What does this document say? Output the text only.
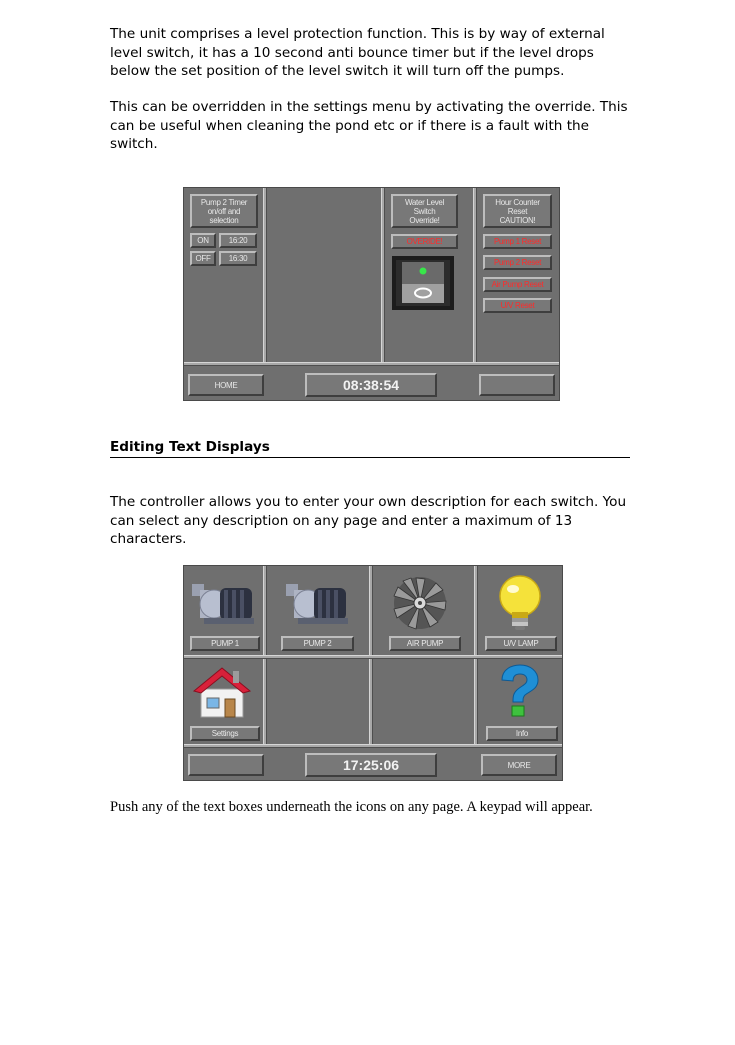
The unit comprises a level protection function. This is by way of external level switch, it has a 10 second anti bounce timer but if the level drops below the set position of the level switch it will turn off the pumps.

This can be overridden in the settings menu by activating the override. This can be useful when cleaning the pond etc or if there is a fault with the switch.

Pump 2 Timer
on/off and
selection
ON	16:20
OFF	16:30
Water Level
Switch
Override!
OVERIDE!
Hour Counter
Reset
CAUTION!
Pump 1 Reset
Pump 2 Reset
Air Pump Reset
U/V Reset
HOME	08:38:54
Editing Text Displays

The controller allows you to enter your own description for each switch. You can select any description on any page and enter a maximum of 13 characters.

PUMP 1	PUMP 2	AIR PUMP	U/V LAMP
Settings	Info
17:25:06	MORE

Push any of the text boxes underneath the icons on any page. A keypad will appear.
